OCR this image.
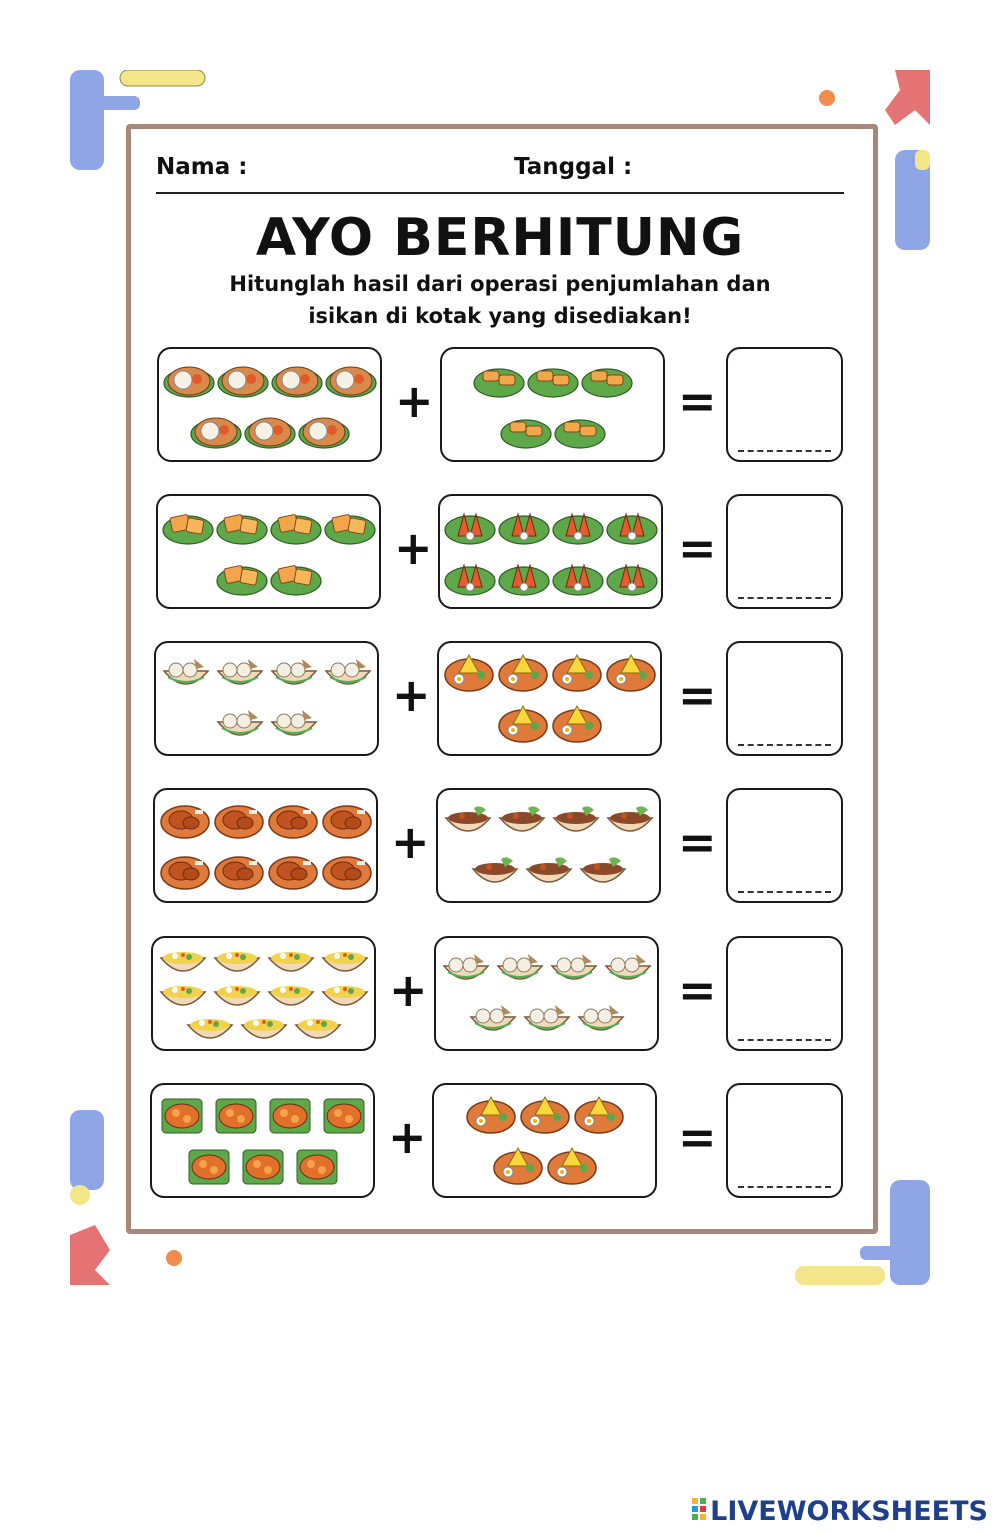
Nama :	Tanggal :
AYO BERHITUNG
Hitunglah hasil dari operasi penjumlahan dan
isikan di kotak yang disediakan!
+	=
+	=
+	=
+	=
+	=
+	=
LIVEWORKSHEETS
